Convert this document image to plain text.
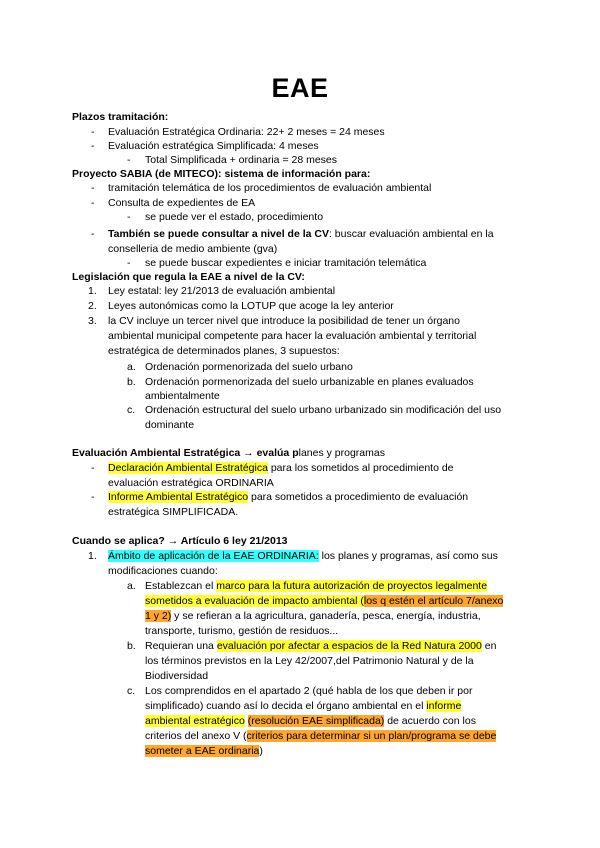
EAE
Plazos tramitación:
- Evaluación Estratégica Ordinaria: 22+ 2 meses = 24 meses
- Evaluación estratégica Simplificada: 4 meses
- Total Simplificada + ordinaria = 28 meses
Proyecto SABIA (de MITECO): sistema de información para:
- tramitación telemática de los procedimientos de evaluación ambiental
- Consulta de expedientes de EA
- se puede ver el estado, procedimiento
- También se puede consultar a nivel de la CV: buscar evaluación ambiental en la
conselleria de medio ambiente (gva)
- se puede buscar expedientes e iniciar tramitación telemática
Legislación que regula la EAE a nivel de la CV:
1. Ley estatal: ley 21/2013 de evaluación ambiental
2. Leyes autonómicas como la LOTUP que acoge la ley anterior
3. la CV incluye un tercer nivel que introduce la posibilidad de tener un órgano
ambiental municipal competente para hacer la evaluación ambiental y territorial
estratégica de determinados planes, 3 supuestos:
a. Ordenación pormenorizada del suelo urbano
b. Ordenación pormenorizada del suelo urbanizable en planes evaluados
ambientalmente
c. Ordenación estructural del suelo urbano urbanizado sin modificación del uso
dominante
Evaluación Ambiental Estratégica → evalúa planes y programas
- Declaración Ambiental Estratégica para los sometidos al procedimiento de
evaluación estratégica ORDINARIA
- Informe Ambiental Estratégico para sometidos a procedimiento de evaluación
estratégica SIMPLIFICADA.
Cuando se aplica? → Artículo 6 ley 21/2013
1. Ámbito de aplicación de la EAE ORDINARIA: los planes y programas, así como sus
modificaciones cuando:
a. Establezcan el marco para la futura autorización de proyectos legalmente
sometidos a evaluación de impacto ambiental (los q estén el artículo 7/anexo
1 y 2) y se refieran a la agricultura, ganadería, pesca, energía, industria,
transporte, turismo, gestión de residuos...
b. Requieran una evaluación por afectar a espacios de la Red Natura 2000 en
los términos previstos en la Ley 42/2007,del Patrimonio Natural y de la
Biodiversidad
c. Los comprendidos en el apartado 2 (qué habla de los que deben ir por
simplificado) cuando así lo decida el órgano ambiental en el informe
ambiental estratégico (resolución EAE simplificada) de acuerdo con los
criterios del anexo V (criterios para determinar si un plan/programa se debe
someter a EAE ordinaria)
